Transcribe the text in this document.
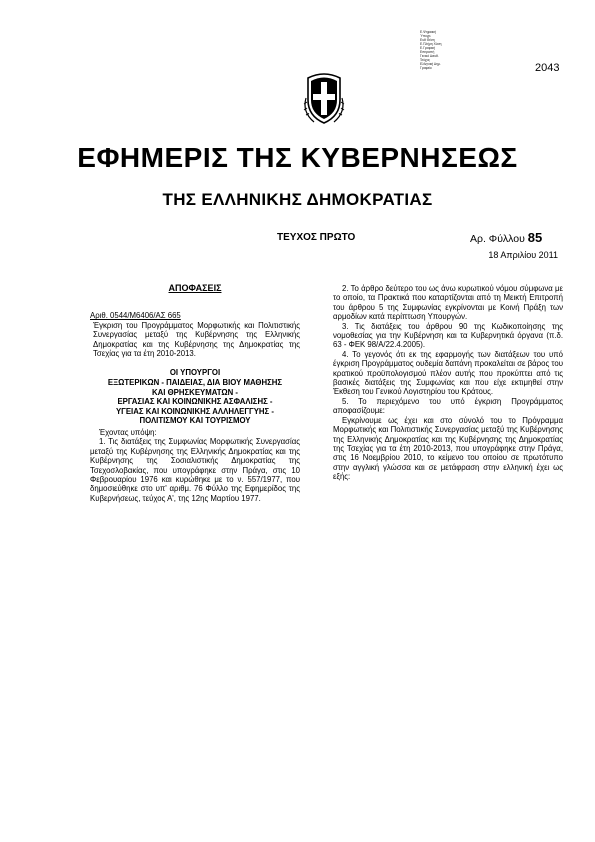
Ε.Ψηφιακή
Ύπογρ.
Ευθ Θέση
Ε.Πλήρη Χύση
Ε.Γραφική
Επιτροπή
Γενικό Διευθ.
Τεύχος
Ελληνική Δημ.
Γραφείο	2043
ΕΦΗΜΕΡΙΣ ΤΗΣ ΚΥΒΕΡΝΗΣΕΩΣ
ΤΗΣ ΕΛΛΗΝΙΚΗΣ ΔΗΜΟΚΡΑΤΙΑΣ
ΤΕΥΧΟΣ ΠΡΩΤΟ	Αρ. Φύλλου 85
18 Απριλίου 2011
ΑΠΟΦΑΣΕΙΣ

Αριθ. 0544/Μ6406/ΑΣ 665

Έγκριση του Προγράμματος Μορφωτικής και Πολιτιστικής Συνεργασίας μεταξύ της Κυβέρνησης της Ελληνικής Δημοκρατίας και της Κυβέρνησης της Δημοκρατίας της Τσεχίας για τα έτη 2010-2013.

ΟΙ ΥΠΟΥΡΓΟΙ
ΕΞΩΤΕΡΙΚΩΝ - ΠΑΙΔΕΙΑΣ, ΔΙΑ ΒΙΟΥ ΜΑΘΗΣΗΣ
ΚΑΙ ΘΡΗΣΚΕΥΜΑΤΩΝ -
ΕΡΓΑΣΙΑΣ ΚΑΙ ΚΟΙΝΩΝΙΚΗΣ ΑΣΦΑΛΙΣΗΣ -
ΥΓΕΙΑΣ ΚΑΙ ΚΟΙΝΩΝΙΚΗΣ ΑΛΛΗΛΕΓΓΥΗΣ -
ΠΟΛΙΤΙΣΜΟΥ ΚΑΙ ΤΟΥΡΙΣΜΟΥ

Έχοντας υπόψη:

1. Τις διατάξεις της Συμφωνίας Μορφωτικής Συνεργασίας μεταξύ της Κυβέρνησης της Ελληνικής Δημοκρατίας και της Κυβέρνησης της Σοσιαλιστικής Δημοκρατίας της Τσεχοσλοβακίας, που υπογράφηκε στην Πράγα, στις 10 Φεβρουαρίου 1976 και κυρώθηκε με το ν. 557/1977, που δημοσιεύθηκε στο υπ' αριθμ. 76 Φύλλο της Εφημερίδος της Κυβερνήσεως, τεύχος Α', της 12ης Μαρτίου 1977.

2. Το άρθρο δεύτερο του ως άνω κυρωτικού νόμου σύμφωνα με το οποίο, τα Πρακτικά που καταρτίζονται από τη Μεικτή Επιτροπή του άρθρου 5 της Συμφωνίας εγκρίνονται με Κοινή Πράξη των αρμοδίων κατά περίπτωση Υπουργών.

3. Τις διατάξεις του άρθρου 90 της Κωδικοποίησης της νομοθεσίας για την Κυβέρνηση και τα Κυβερνητικά όργανα (π.δ. 63 - ΦΕΚ 98/Α/22.4.2005).

4. Το γεγονός ότι εκ της εφαρμογής των διατάξεων του υπό έγκριση Προγράμματος ουδεμία δαπάνη προκαλείται σε βάρος του κρατικού προϋπολογισμού πλέον αυτής που προκύπτει από τις βασικές διατάξεις της Συμφωνίας και που είχε εκτιμηθεί στην Έκθεση του Γενικού Λογιστηρίου του Κράτους.

5. Το περιεχόμενο του υπό έγκριση Προγράμματος αποφασίζουμε:

Εγκρίνουμε ως έχει και στο σύνολό του το Πρόγραμμα Μορφωτικής και Πολιτιστικής Συνεργασίας μεταξύ της Κυβέρνησης της Ελληνικής Δημοκρατίας και της Κυβέρνησης της Δημοκρατίας της Τσεχίας για τα έτη 2010-2013, που υπογράφηκε στην Πράγα, στις 16 Νοεμβρίου 2010, το κείμενο του οποίου σε πρωτότυπο στην αγγλική γλώσσα και σε μετάφραση στην ελληνική έχει ως εξής:
